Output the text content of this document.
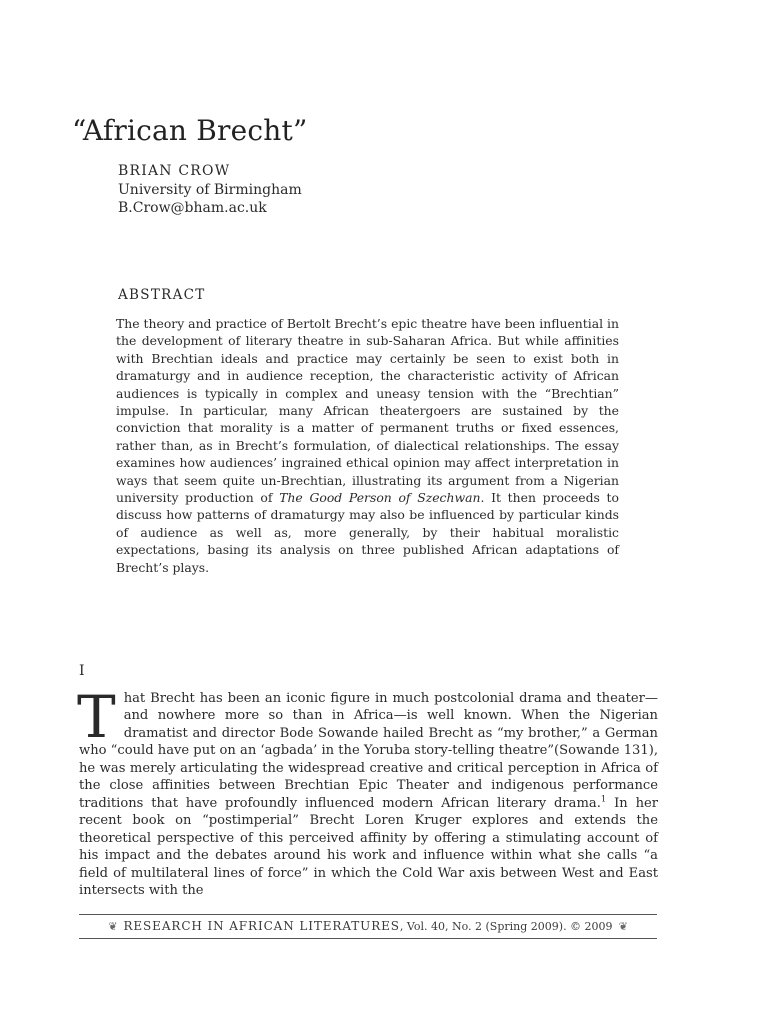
“African Brecht”
BRIAN CROW
University of Birmingham
B.Crow@bham.ac.uk
ABSTRACT

The theory and practice of Bertolt Brecht’s epic theatre have been influential in the development of literary theatre in sub-Saharan Africa. But while affinities with Brechtian ideals and practice may certainly be seen to exist both in dramaturgy and in audience reception, the characteristic activity of African audiences is typically in complex and uneasy tension with the “Brechtian” impulse. In particular, many African theatergoers are sustained by the conviction that morality is a matter of permanent truths or fixed essences, rather than, as in Brecht’s formulation, of dialectical relationships. The essay examines how audiences’ ingrained ethical opinion may affect interpretation in ways that seem quite un-Brechtian, illustrating its argument from a Nigerian university production of The Good Person of Szechwan. It then proceeds to discuss how patterns of dramaturgy may also be influenced by particular kinds of audience as well as, more generally, by their habitual moralistic expectations, basing its analysis on three published African adaptations of Brecht’s plays.

I

That Brecht has been an iconic figure in much postcolonial drama and theater—and nowhere more so than in Africa—is well known. When the Nigerian dramatist and director Bode Sowande hailed Brecht as “my brother,” a German who “could have put on an ‘agbada’ in the Yoruba story-telling theatre”(Sowande 131), he was merely articulating the widespread creative and critical perception in Africa of the close affinities between Brechtian Epic Theater and indigenous performance traditions that have profoundly influenced modern African literary drama.$^1$ In her recent book on “postimperial” Brecht Loren Kruger explores and extends the theoretical perspective of this perceived affinity by offering a stimulating account of his impact and the debates around his work and influence within what she calls “a field of multilateral lines of force” in which the Cold War axis between West and East intersects with the

❦ RESEARCH IN AFRICAN LITERATURES, Vol. 40, No. 2 (Spring 2009). © 2009 ❦
